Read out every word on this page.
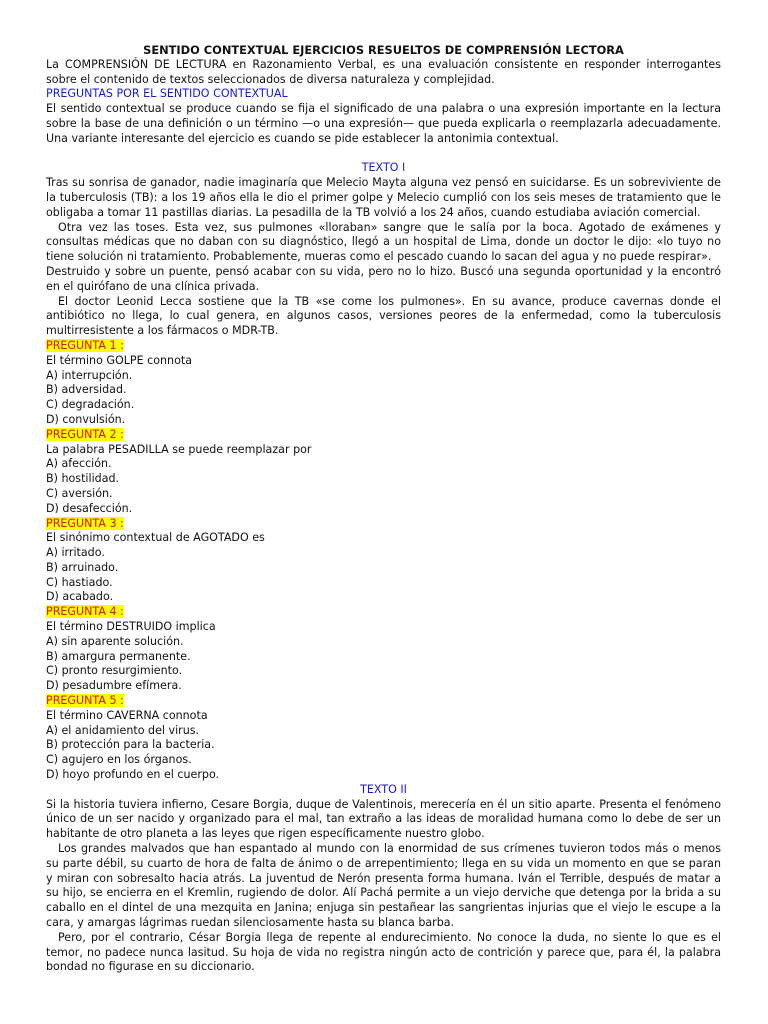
SENTIDO CONTEXTUAL EJERCICIOS RESUELTOS DE COMPRENSIÓN LECTORA

La COMPRENSIÓN DE LECTURA en Razonamiento Verbal, es una evaluación consistente en responder interrogantes sobre el contenido de textos seleccionados de diversa naturaleza y complejidad.

PREGUNTAS POR EL SENTIDO CONTEXTUAL

El sentido contextual se produce cuando se fija el significado de una palabra o una expresión importante en la lectura sobre la base de una definición o un término —o una expresión— que pueda explicarla o reemplazarla adecuadamente. Una variante interesante del ejercicio es cuando se pide establecer la antonimia contextual.

TEXTO I

Tras su sonrisa de ganador, nadie imaginaría que Melecio Mayta alguna vez pensó en suicidarse. Es un sobreviviente de la tuberculosis (TB): a los 19 años ella le dio el primer golpe y Melecio cumplió con los seis meses de tratamiento que le obligaba a tomar 11 pastillas diarias. La pesadilla de la TB volvió a los 24 años, cuando estudiaba aviación comercial.

Otra vez las toses. Esta vez, sus pulmones «lloraban» sangre que le salía por la boca. Agotado de exámenes y consultas médicas que no daban con su diagnóstico, llegó a un hospital de Lima, donde un doctor le dijo: «lo tuyo no tiene solución ni tratamiento. Probablemente, mueras como el pescado cuando lo sacan del agua y no puede respirar».

Destruido y sobre un puente, pensó acabar con su vida, pero no lo hizo. Buscó una segunda oportunidad y la encontró en el quirófano de una clínica privada.

El doctor Leonid Lecca sostiene que la TB «se come los pulmones». En su avance, produce cavernas donde el antibiótico no llega, lo cual genera, en algunos casos, versiones peores de la enfermedad, como la tuberculosis multirresistente a los fármacos o MDR-TB.

PREGUNTA 1 :

El término GOLPE connota

A) interrupción.

B) adversidad.

C) degradación.

D) convulsión.

PREGUNTA 2 :

La palabra PESADILLA se puede reemplazar por

A) afección.

B) hostilidad.

C) aversión.

D) desafección.

PREGUNTA 3 :

El sinónimo contextual de AGOTADO es

A) irritado.

B) arruinado.

C) hastiado.

D) acabado.

PREGUNTA 4 :

El término DESTRUIDO implica

A) sin aparente solución.

B) amargura permanente.

C) pronto resurgimiento.

D) pesadumbre efímera.

PREGUNTA 5 :

El término CAVERNA connota

A) el anidamiento del virus.

B) protección para la bacteria.

C) agujero en los órganos.

D) hoyo profundo en el cuerpo.

TEXTO II

Si la historia tuviera infierno, Cesare Borgia, duque de Valentinois, merecería en él un sitio aparte. Presenta el fenómeno único de un ser nacido y organizado para el mal, tan extraño a las ideas de moralidad humana como lo debe de ser un habitante de otro planeta a las leyes que rigen específicamente nuestro globo.

Los grandes malvados que han espantado al mundo con la enormidad de sus crímenes tuvieron todos más o menos su parte débil, su cuarto de hora de falta de ánimo o de arrepentimiento; llega en su vida un momento en que se paran y miran con sobresalto hacia atrás. La juventud de Nerón presenta forma humana. Iván el Terrible, después de matar a su hijo, se encierra en el Kremlin, rugiendo de dolor. Alí Pachá permite a un viejo derviche que detenga por la brida a su caballo en el dintel de una mezquita en Janina; enjuga sin pestañear las sangrientas injurias que el viejo le escupe a la cara, y amargas lágrimas ruedan silenciosamente hasta su blanca barba.

Pero, por el contrario, César Borgia llega de repente al endurecimiento. No conoce la duda, no siente lo que es el temor, no padece nunca lasitud. Su hoja de vida no registra ningún acto de contrición y parece que, para él, la palabra bondad no figurase en su diccionario.
